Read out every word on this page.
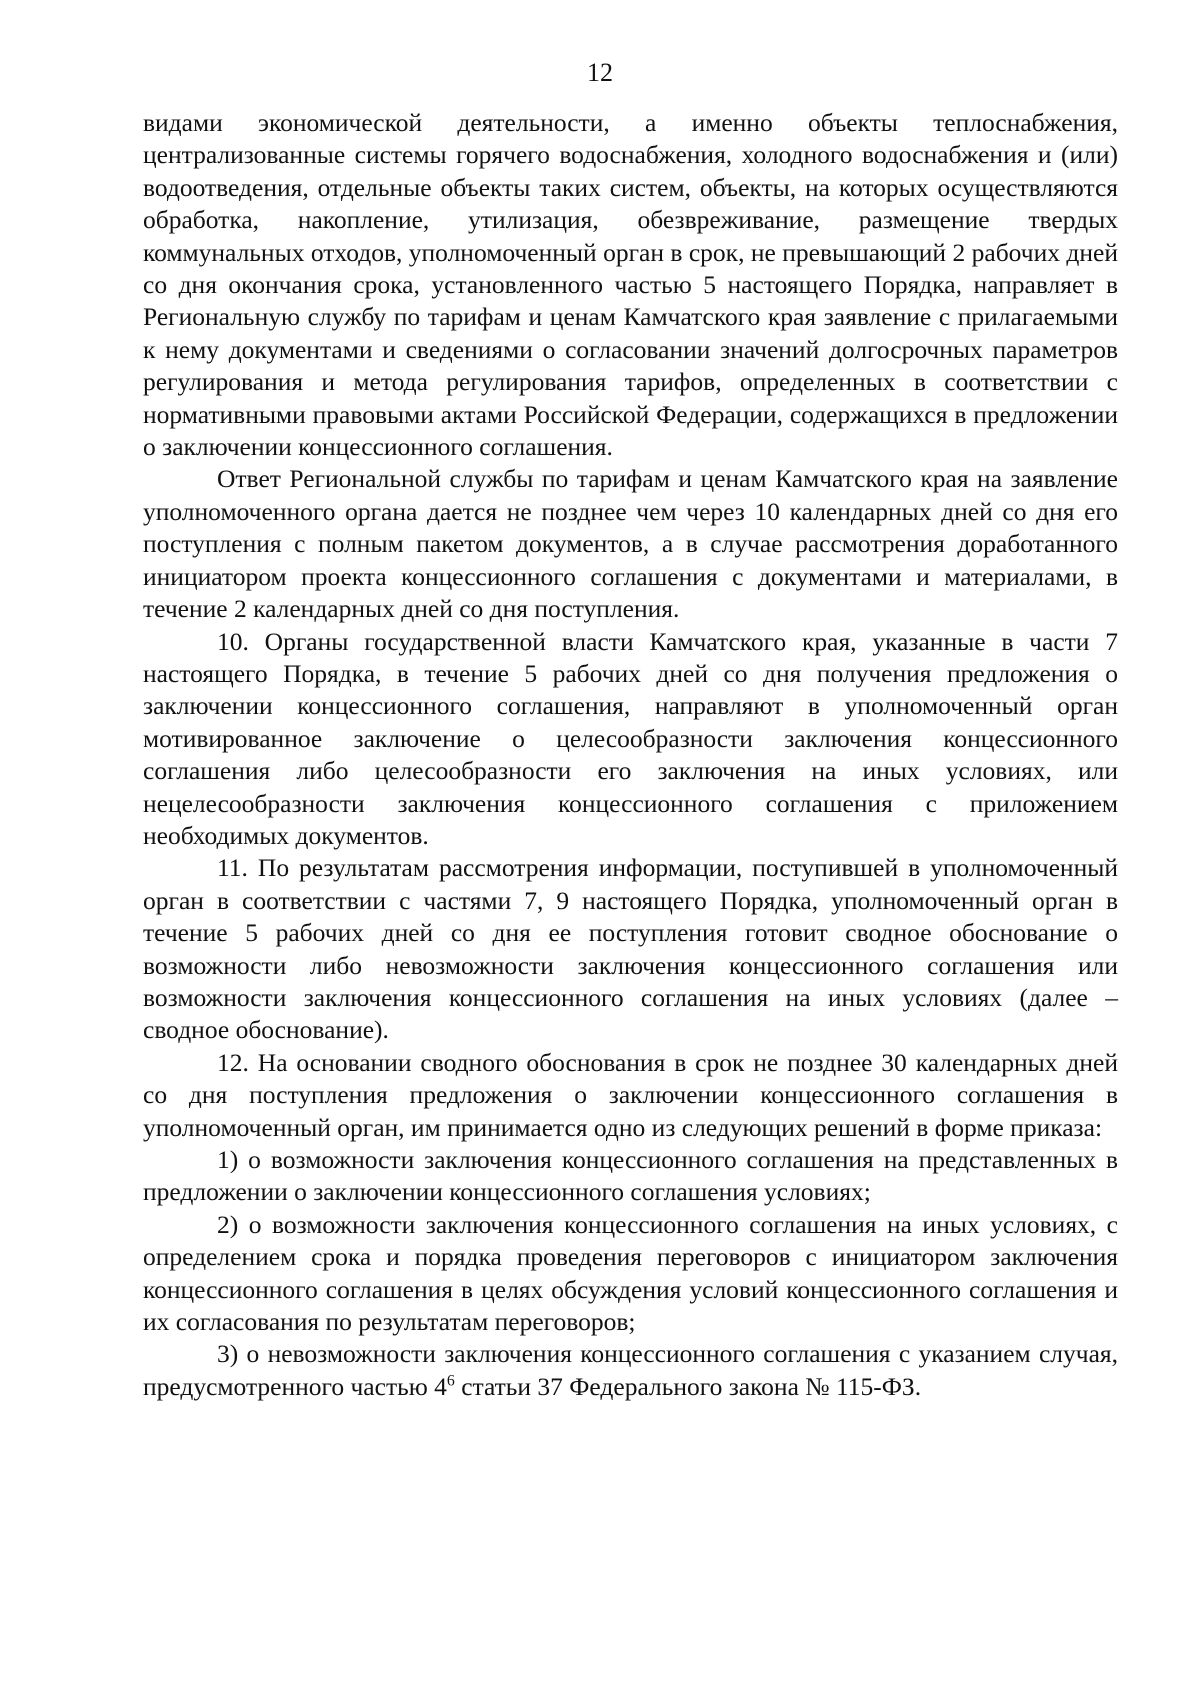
12

видами экономической деятельности, а именно объекты теплоснабжения, централизованные системы горячего водоснабжения, холодного водоснабжения и (или) водоотведения, отдельные объекты таких систем, объекты, на которых осуществляются обработка, накопление, утилизация, обезвреживание, размещение твердых коммунальных отходов, уполномоченный орган в срок, не превышающий 2 рабочих дней со дня окончания срока, установленного частью 5 настоящего Порядка, направляет в Региональную службу по тарифам и ценам Камчатского края заявление с прилагаемыми к нему документами и сведениями о согласовании значений долгосрочных параметров регулирования и метода регулирования тарифов, определенных в соответствии с нормативными правовыми актами Российской Федерации, содержащихся в предложении о заключении концессионного соглашения.

Ответ Региональной службы по тарифам и ценам Камчатского края на заявление уполномоченного органа дается не позднее чем через 10 календарных дней со дня его поступления с полным пакетом документов, а в случае рассмотрения доработанного инициатором проекта концессионного соглашения с документами и материалами, в течение 2 календарных дней со дня поступления.

10. Органы государственной власти Камчатского края, указанные в части 7 настоящего Порядка, в течение 5 рабочих дней со дня получения предложения о заключении концессионного соглашения, направляют в уполномоченный орган мотивированное заключение о целесообразности заключения концессионного соглашения либо целесообразности его заключения на иных условиях, или нецелесообразности заключения концессионного соглашения с приложением необходимых документов.

11. По результатам рассмотрения информации, поступившей в уполномоченный орган в соответствии с частями 7, 9 настоящего Порядка, уполномоченный орган в течение 5 рабочих дней со дня ее поступления готовит сводное обоснование о возможности либо невозможности заключения концессионного соглашения или возможности заключения концессионного соглашения на иных условиях (далее – сводное обоснование).

12. На основании сводного обоснования в срок не позднее 30 календарных дней со дня поступления предложения о заключении концессионного соглашения в уполномоченный орган, им принимается одно из следующих решений в форме приказа:

1) о возможности заключения концессионного соглашения на представленных в предложении о заключении концессионного соглашения условиях;

2) о возможности заключения концессионного соглашения на иных условиях, с определением срока и порядка проведения переговоров с инициатором заключения концессионного соглашения в целях обсуждения условий концессионного соглашения и их согласования по результатам переговоров;

3) о невозможности заключения концессионного соглашения с указанием случая, предусмотренного частью $4^6$ статьи 37 Федерального закона № 115-ФЗ.
